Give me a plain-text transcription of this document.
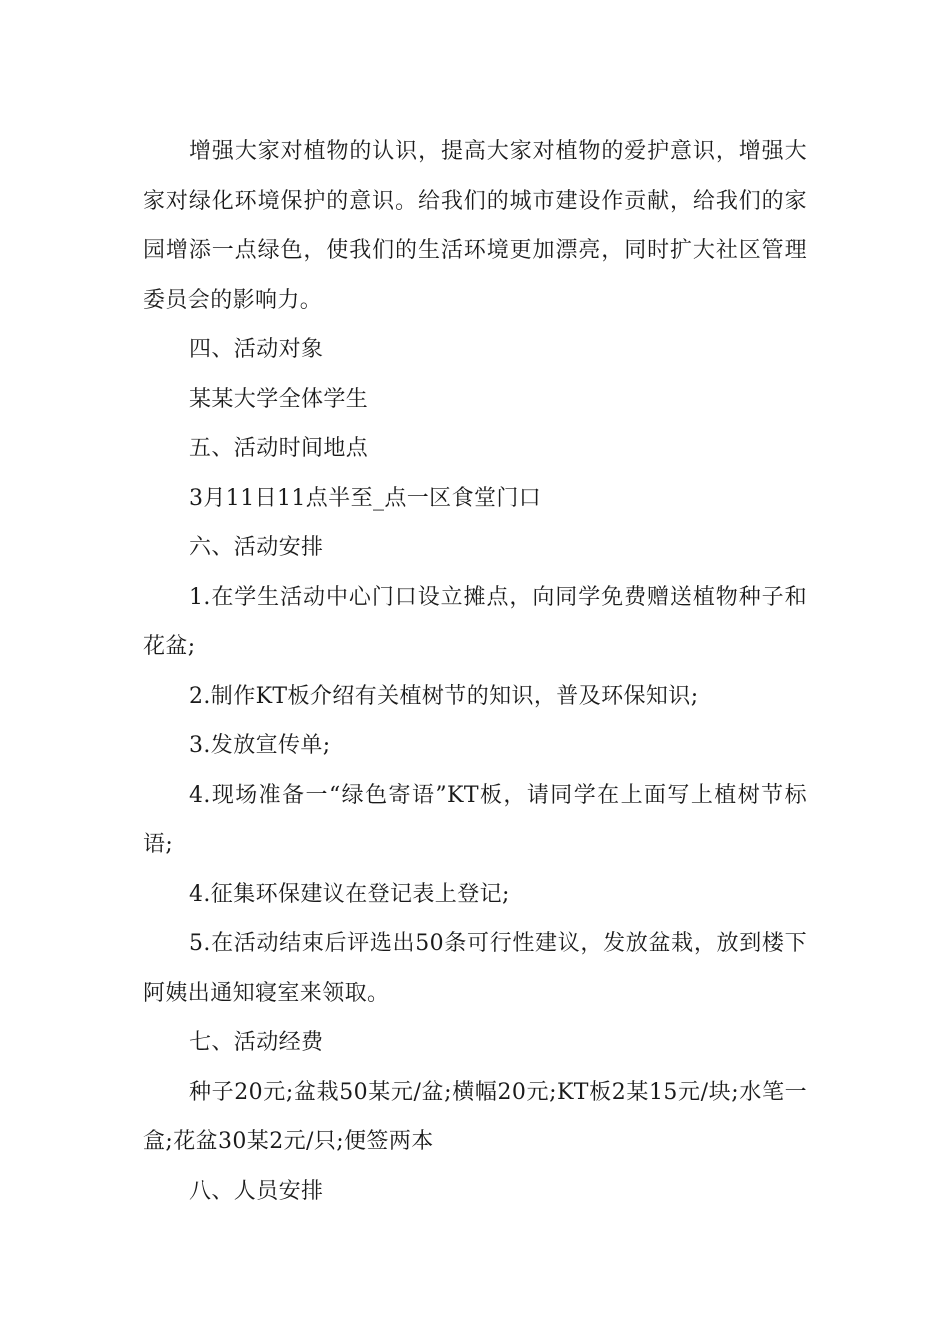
增强大家对植物的认识，提高大家对植物的爱护意识，增强大家对绿化环境保护的意识。给我们的城市建设作贡献，给我们的家园增添一点绿色，使我们的生活环境更加漂亮，同时扩大社区管理委员会的影响力。

四、活动对象

某某大学全体学生

五、活动时间地点

3月11日11点半至_点一区食堂门口

六、活动安排

1.在学生活动中心门口设立摊点，向同学免费赠送植物种子和花盆;

2.制作KT板介绍有关植树节的知识，普及环保知识;

3.发放宣传单;

4.现场准备一“绿色寄语”KT板，请同学在上面写上植树节标语;

4.征集环保建议在登记表上登记;

5.在活动结束后评选出50条可行性建议，发放盆栽，放到楼下阿姨出通知寝室来领取。

七、活动经费

种子20元;盆栽50某元/盆;横幅20元;KT板2某15元/块;水笔一盒;花盆30某2元/只;便签两本

八、人员安排
